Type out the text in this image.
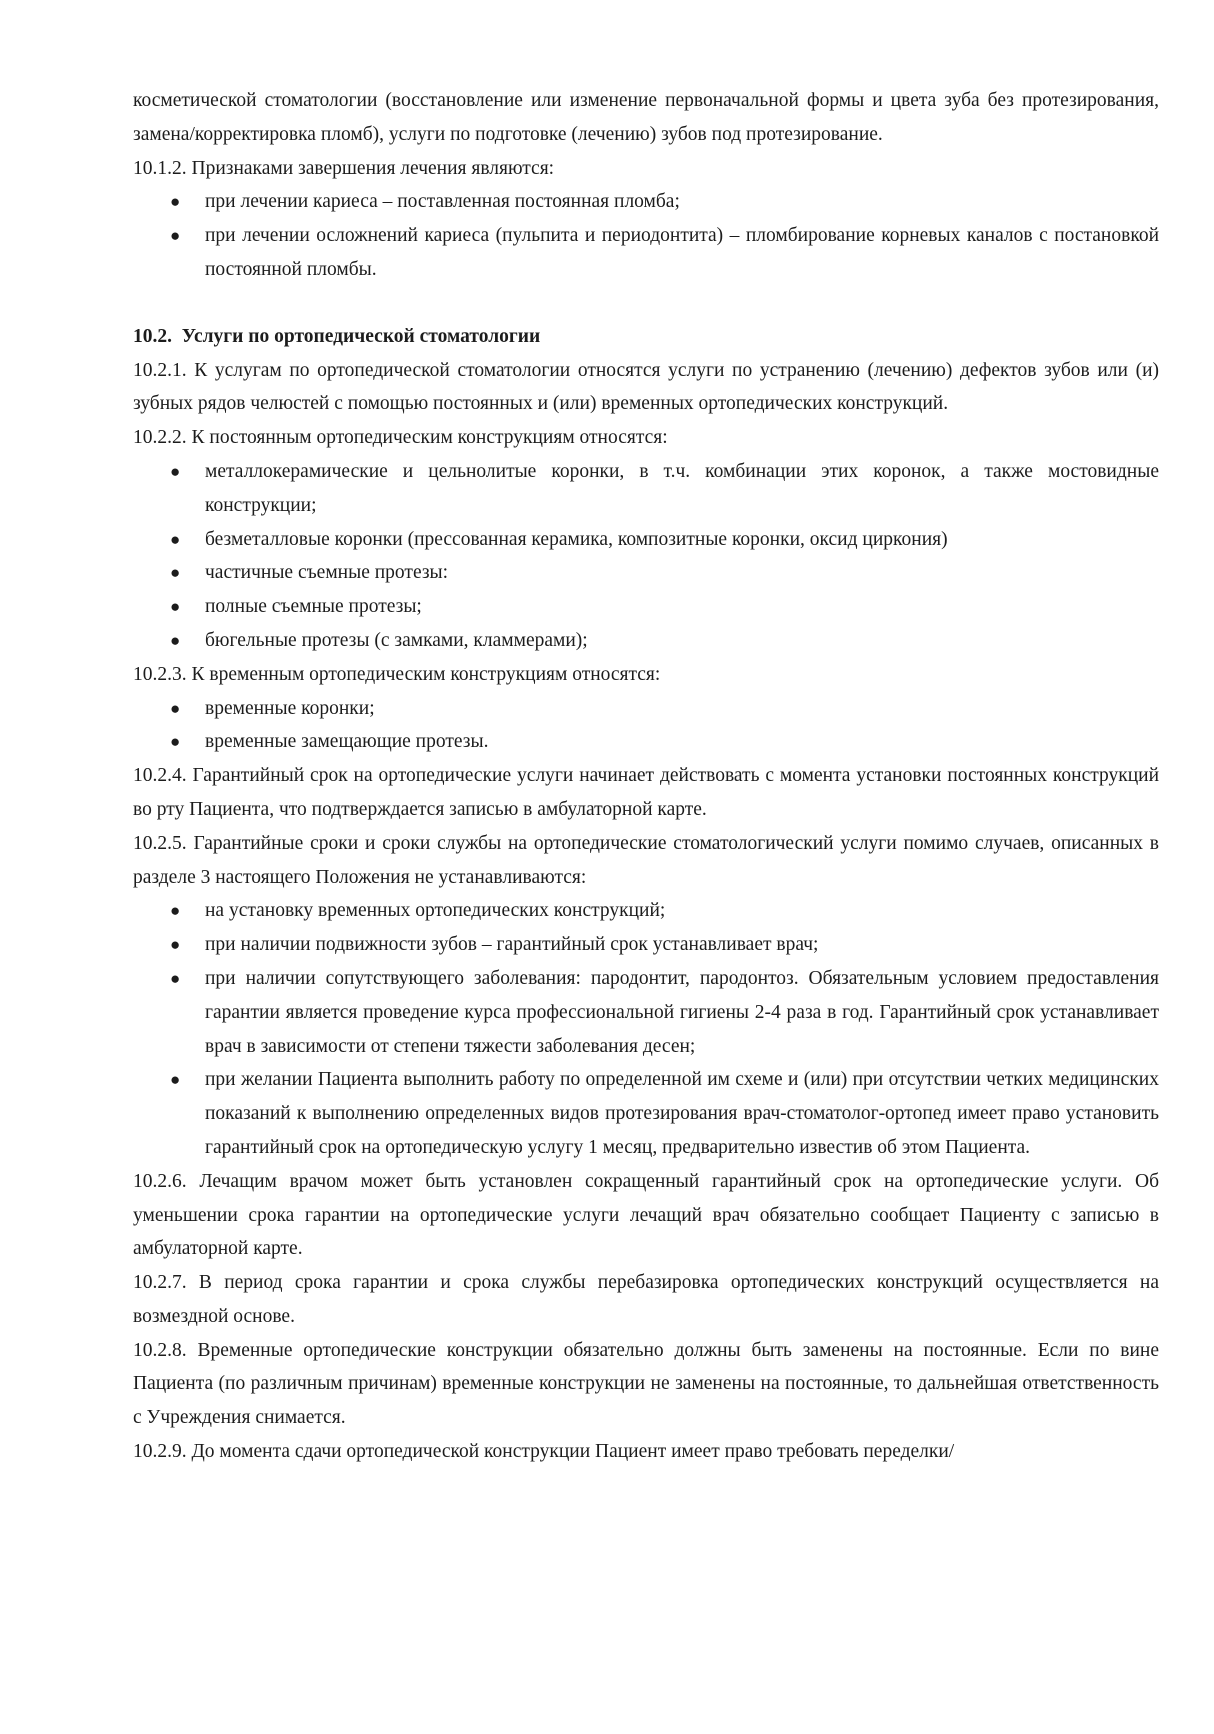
косметической стоматологии (восстановление или изменение первоначальной формы и цвета зуба без протезирования, замена/корректировка пломб), услуги по подготовке (лечению) зубов под протезирование.

10.1.2. Признаками завершения лечения являются:

● при лечении кариеса – поставленная постоянная пломба;
● при лечении осложнений кариеса (пульпита и периодонтита) – пломбирование корневых каналов с постановкой постоянной пломбы.

10.2. Услуги по ортопедической стоматологии

10.2.1. К услугам по ортопедической стоматологии относятся услуги по устранению (лечению) дефектов зубов или (и) зубных рядов челюстей с помощью постоянных и (или) временных ортопедических конструкций.

10.2.2. К постоянным ортопедическим конструкциям относятся:

● металлокерамические и цельнолитые коронки, в т.ч. комбинации этих коронок, а также мостовидные конструкции;
● безметалловые коронки (прессованная керамика, композитные коронки, оксид циркония)
● частичные съемные протезы:
● полные съемные протезы;
● бюгельные протезы (с замками, кламмерами);

10.2.3. К временным ортопедическим конструкциям относятся:

● временные коронки;
● временные замещающие протезы.

10.2.4. Гарантийный срок на ортопедические услуги начинает действовать с момента установки постоянных конструкций во рту Пациента, что подтверждается записью в амбулаторной карте.

10.2.5. Гарантийные сроки и сроки службы на ортопедические стоматологический услуги помимо случаев, описанных в разделе 3 настоящего Положения не устанавливаются:

● на установку временных ортопедических конструкций;
● при наличии подвижности зубов – гарантийный срок устанавливает врач;
● при наличии сопутствующего заболевания: пародонтит, пародонтоз. Обязательным условием предоставления гарантии является проведение курса профессиональной гигиены 2-4 раза в год. Гарантийный срок устанавливает врач в зависимости от степени тяжести заболевания десен;
● при желании Пациента выполнить работу по определенной им схеме и (или) при отсутствии четких медицинских показаний к выполнению определенных видов протезирования врач-стоматолог-ортопед имеет право установить гарантийный срок на ортопедическую услугу 1 месяц, предварительно известив об этом Пациента.

10.2.6. Лечащим врачом может быть установлен сокращенный гарантийный срок на ортопедические услуги. Об уменьшении срока гарантии на ортопедические услуги лечащий врач обязательно сообщает Пациенту с записью в амбулаторной карте.

10.2.7. В период срока гарантии и срока службы перебазировка ортопедических конструкций осуществляется на возмездной основе.

10.2.8. Временные ортопедические конструкции обязательно должны быть заменены на постоянные. Если по вине Пациента (по различным причинам) временные конструкции не заменены на постоянные, то дальнейшая ответственность с Учреждения снимается.

10.2.9. До момента сдачи ортопедической конструкции Пациент имеет право требовать переделки/
